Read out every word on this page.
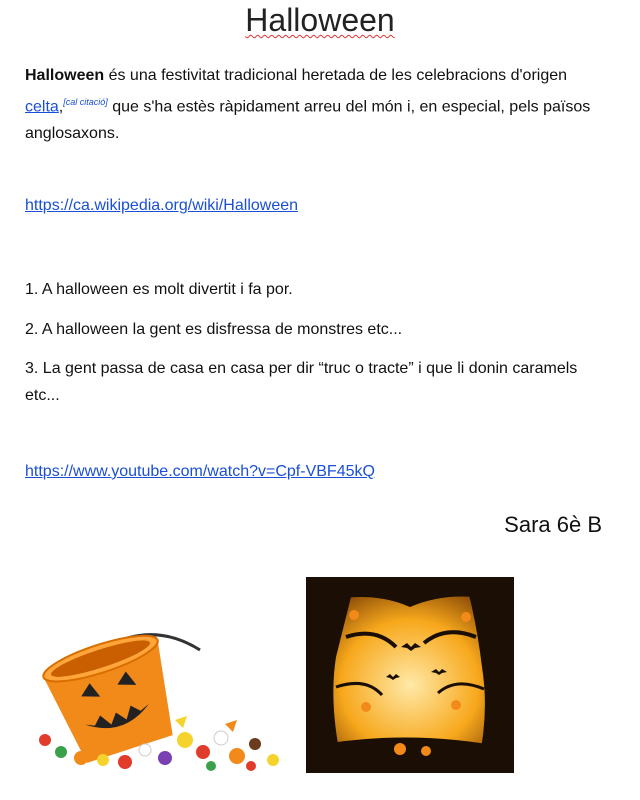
Halloween
Halloween és una festivitat tradicional heretada de les celebracions d'origen celta,[cal citació] que s'ha estès ràpidament arreu del món i, en especial, pels països anglosaxons.
https://ca.wikipedia.org/wiki/Halloween
1. A halloween es molt divertit i fa por.
2. A halloween la gent es disfressa de monstres etc...
3. La gent passa de casa en casa per dir “truc o tracte” i que li donin caramels etc...
https://www.youtube.com/watch?v=Cpf-VBF45kQ
Sara 6è B
